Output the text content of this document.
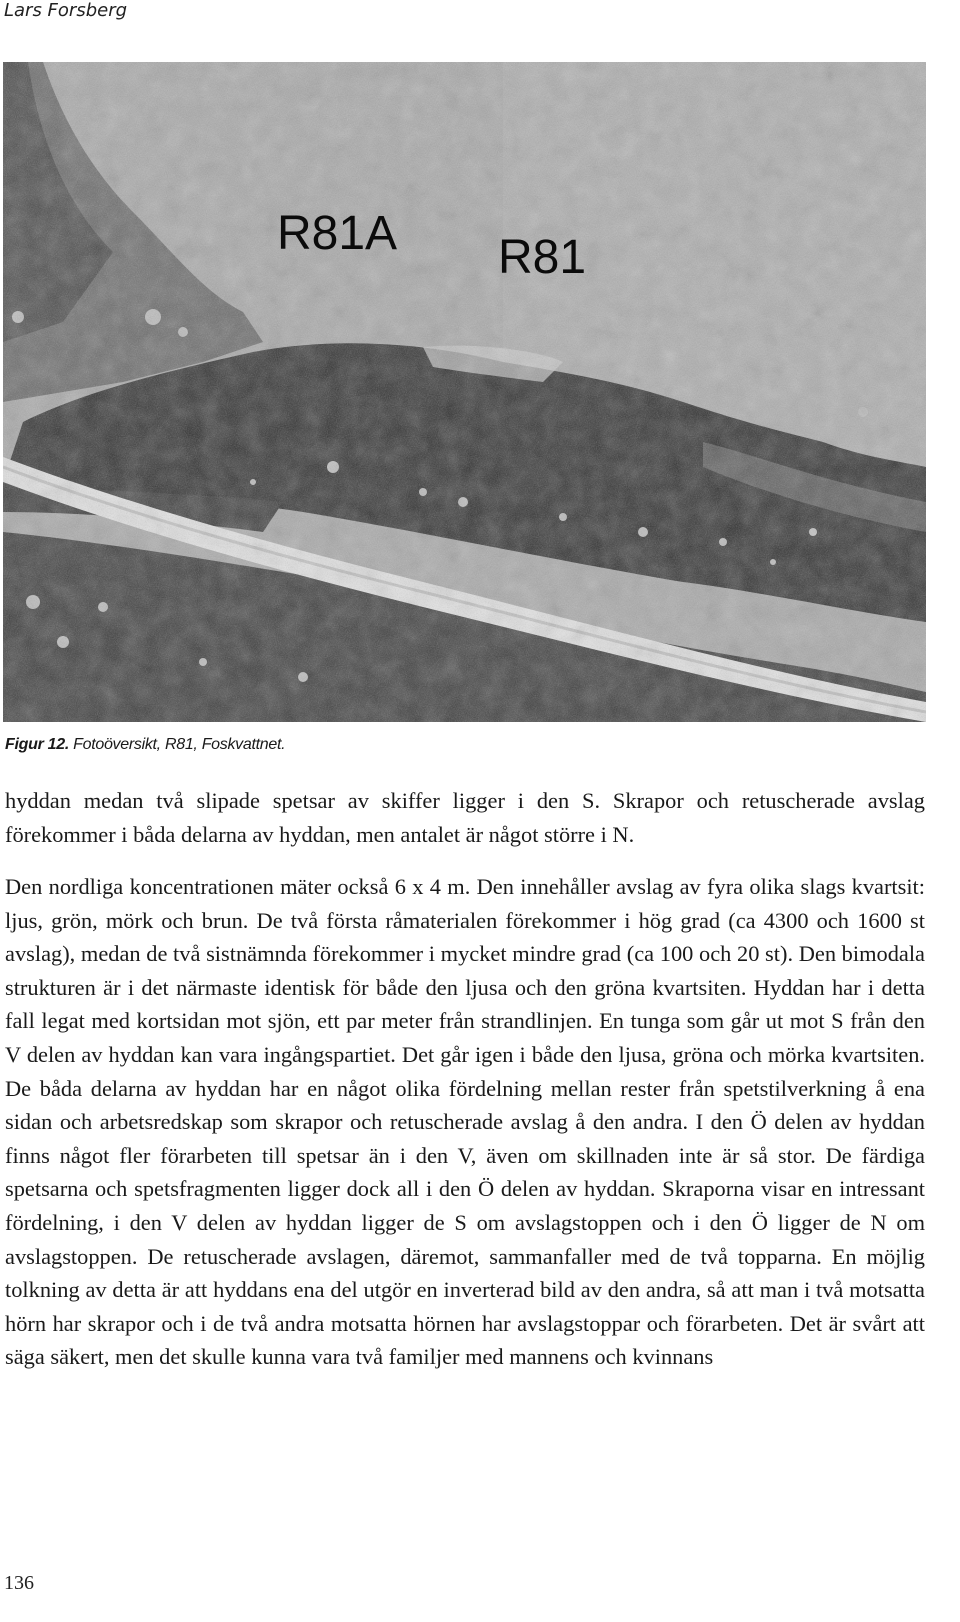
Lars Forsberg
R81A R81
Figur 12. Fotoöversikt, R81, Foskvattnet.
hyddan medan två slipade spetsar av skiffer ligger i den S. Skrapor och retuscherade avslag förekommer i båda delarna av hyddan, men antalet är något större i N.
Den nordliga koncentrationen mäter också 6 x 4 m. Den innehåller avslag av fyra olika slags kvartsit: ljus, grön, mörk och brun. De två första råmaterialen förekommer i hög grad (ca 4300 och 1600 st avslag), medan de två sistnämnda förekommer i mycket mindre grad (ca 100 och 20 st). Den bimodala strukturen är i det närmaste identisk för både den ljusa och den gröna kvartsiten. Hyddan har i detta fall legat med kortsidan mot sjön, ett par meter från strandlinjen. En tunga som går ut mot S från den V delen av hyddan kan vara ingångspartiet. Det går igen i både den ljusa, gröna och mörka kvartsiten. De båda delarna av hyddan har en något olika fördelning mellan rester från spetstilverkning å ena sidan och arbetsredskap som skrapor och retuscherade avslag å den andra. I den Ö delen av hyddan finns något fler förarbeten till spetsar än i den V, även om skillnaden inte är så stor. De färdiga spetsarna och spetsfragmenten ligger dock all i den Ö delen av hyddan. Skraporna visar en intressant fördelning, i den V delen av hyddan ligger de S om avslagstoppen och i den Ö ligger de N om avslagstoppen. De retuscherade avslagen, däremot, sammanfaller med de två topparna. En möjlig tolkning av detta är att hyddans ena del utgör en inverterad bild av den andra, så att man i två motsatta hörn har skrapor och i de två andra motsatta hörnen har avslagstoppar och förarbeten. Det är svårt att säga säkert, men det skulle kunna vara två familjer med mannens och kvinnans
136
